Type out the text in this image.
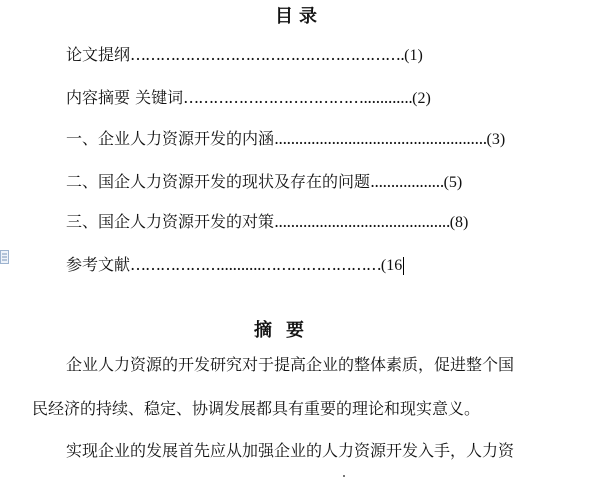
目录
论文提纲……………………………………………….(1)
内容摘要 关键词………………………………............(2)
一、企业人力资源开发的内涵....................................................(3)
二、国企人力资源开发的现状及存在的问题..................(5)
三、国企人力资源开发的对策...........................................(8)
参考文献………………..........……………………(16
摘要
企业人力资源的开发研究对于提高企业的整体素质，促进整个国
民经济的持续、稳定、协调发展都具有重要的理论和现实意义。
实现企业的发展首先应从加强企业的人力资源开发入手，人力资
